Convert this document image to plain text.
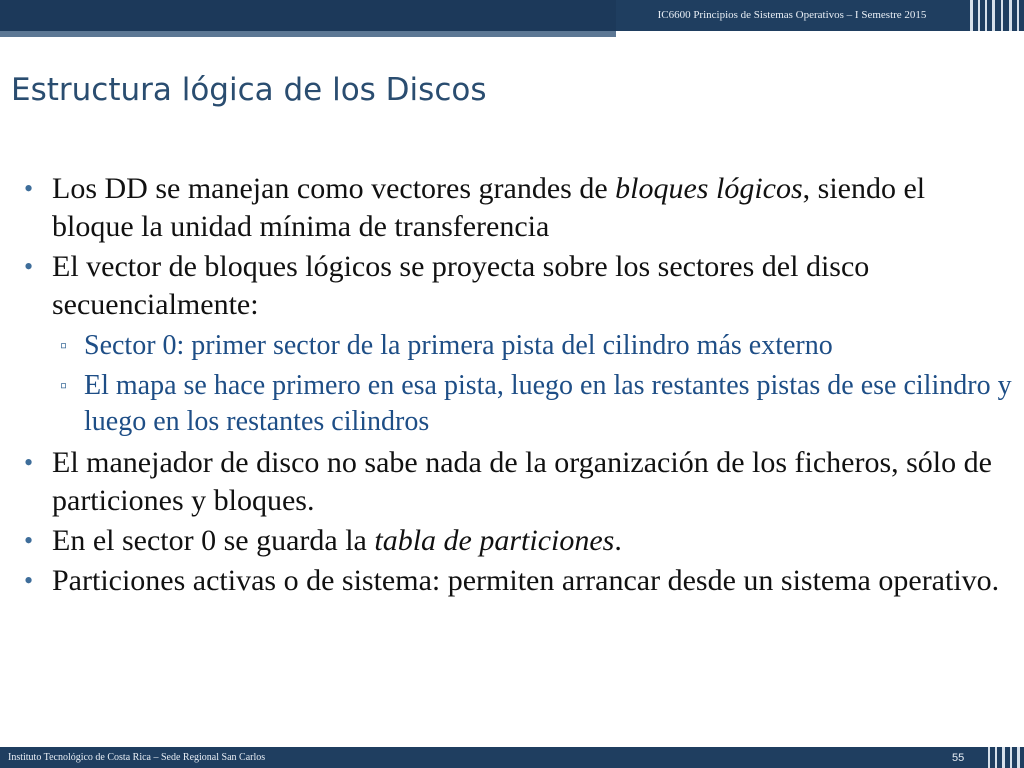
IC6600 Principios de Sistemas Operativos – I Semestre 2015
Estructura lógica de los Discos
• Los DD se manejan como vectores grandes de bloques lógicos, siendo el bloque la unidad mínima de transferencia
• El vector de bloques lógicos se proyecta sobre los sectores del disco secuencialmente:
▫ Sector 0: primer sector de la primera pista del cilindro más externo
▫ El mapa se hace primero en esa pista, luego en las restantes pistas de ese cilindro y luego en los restantes cilindros
• El manejador de disco no sabe nada de la organización de los ficheros, sólo de particiones y bloques.
• En el sector 0 se guarda la tabla de particiones.
• Particiones activas o de sistema: permiten arrancar desde un sistema operativo.
Instituto Tecnológico de Costa Rica – Sede Regional San Carlos	55
